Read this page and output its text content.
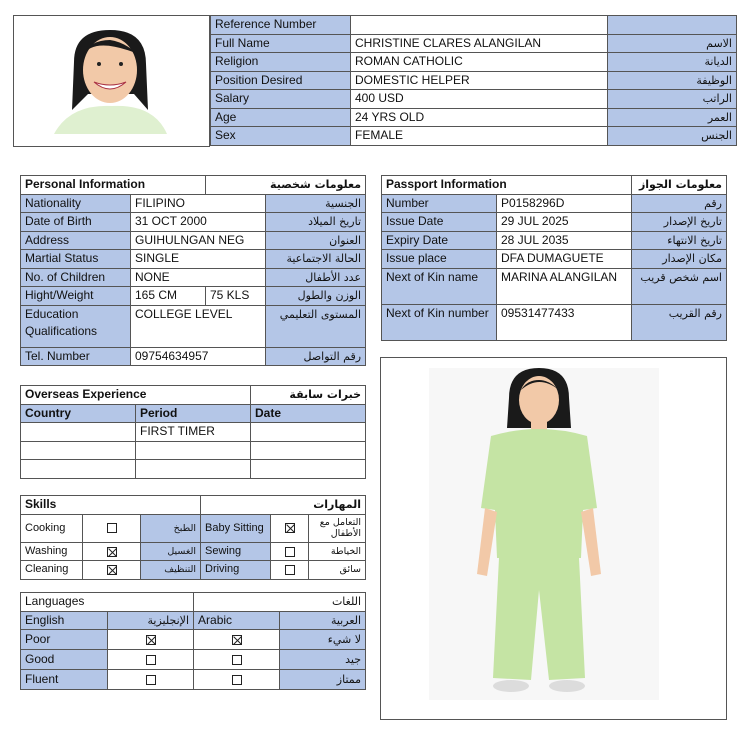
Reference Number		
Full Name	CHRISTINE CLARES ALANGILAN	الاسم
Religion	ROMAN CATHOLIC	الديانة
Position Desired	DOMESTIC HELPER	الوظيفة
Salary	400 USD	الراتب
Age	24 YRS OLD	العمر
Sex	FEMALE	الجنس
Personal Information		معلومات شخصية	
Nationality	FILIPINO		الجنسية
Date of Birth	31 OCT 2000		تاريخ الميلاد
Address	GUIHULNGAN NEG		العنوان
Martial Status	SINGLE		الحالة الاجتماعية
No. of Children	NONE		عدد الأطفال
Hight/Weight	165 CM	75 KLS	الوزن والطول
Education Qualifications	COLLEGE LEVEL		المستوى التعليمي
Tel. Number	09754634957		رقم التواصل
Passport Information		معلومات الجواز
Number	P0158296D	رقم
Issue Date	29 JUL 2025	تاريخ الإصدار
Expiry Date	28 JUL 2035	تاريخ الانتهاء
Issue place	DFA DUMAGUETE	مكان الإصدار
Next of Kin name	MARINA ALANGILAN	اسم شخص قريب
Next of Kin number	09531477433	رقم القريب
Overseas Experience		خبرات سابقة
Country	Period	Date
	FIRST TIMER	

Skills			المهارات		
Cooking		الطبخ	Baby Sitting		التعامل مع الأطفال
Washing		الغسيل	Sewing		الخياطة
Cleaning		التنظيف	Driving		سائق
Languages		اللغات	
English	الإنجليزية	Arabic	العربية
Poor			لا شيء
Good			جيد
Fluent			ممتاز
